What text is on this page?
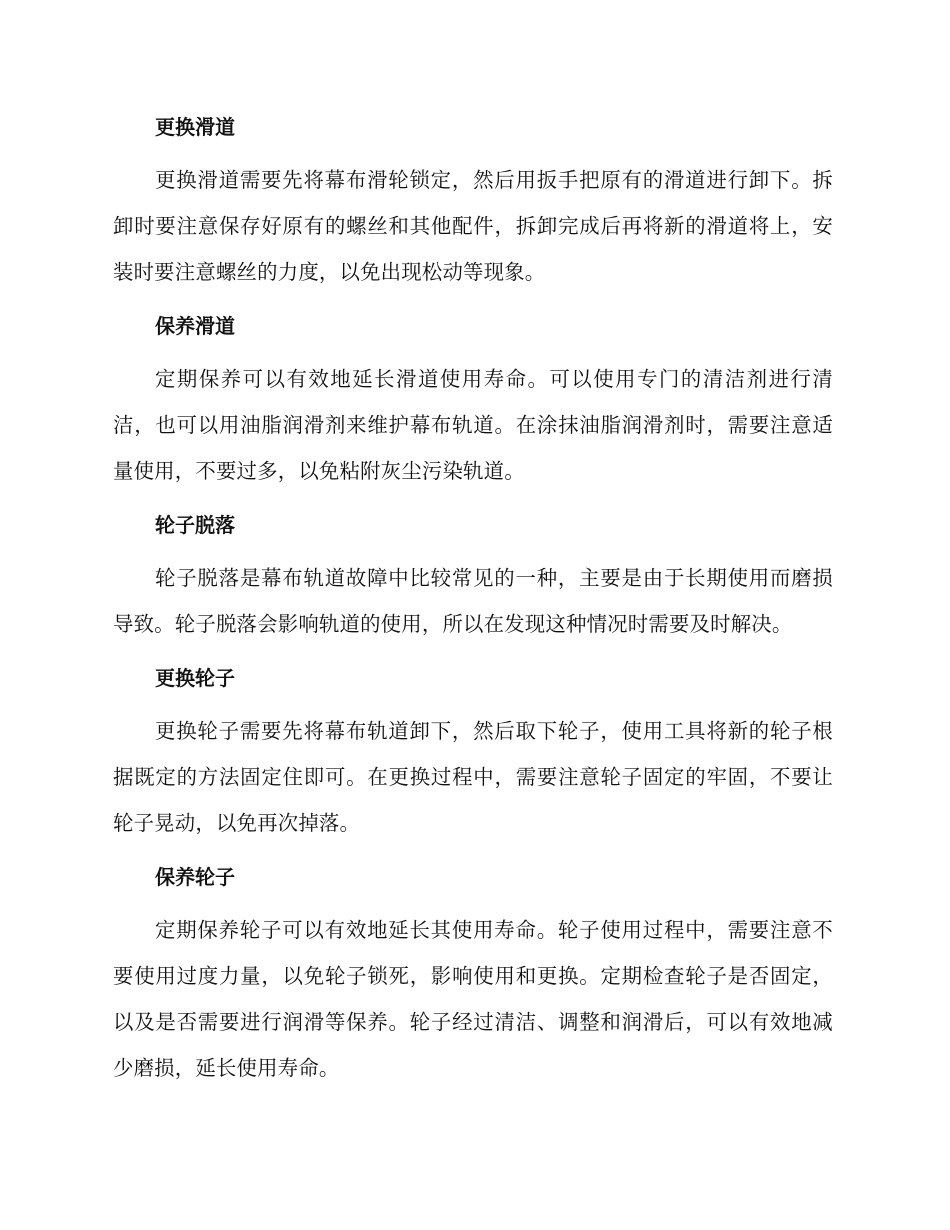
更换滑道

更换滑道需要先将幕布滑轮锁定，然后用扳手把原有的滑道进行卸下。拆卸时要注意保存好原有的螺丝和其他配件，拆卸完成后再将新的滑道将上，安装时要注意螺丝的力度，以免出现松动等现象。

保养滑道

定期保养可以有效地延长滑道使用寿命。可以使用专门的清洁剂进行清洁，也可以用油脂润滑剂来维护幕布轨道。在涂抹油脂润滑剂时，需要注意适量使用，不要过多，以免粘附灰尘污染轨道。

轮子脱落

轮子脱落是幕布轨道故障中比较常见的一种，主要是由于长期使用而磨损导致。轮子脱落会影响轨道的使用，所以在发现这种情况时需要及时解决。

更换轮子

更换轮子需要先将幕布轨道卸下，然后取下轮子，使用工具将新的轮子根据既定的方法固定住即可。在更换过程中，需要注意轮子固定的牢固，不要让轮子晃动，以免再次掉落。

保养轮子

定期保养轮子可以有效地延长其使用寿命。轮子使用过程中，需要注意不要使用过度力量，以免轮子锁死，影响使用和更换。定期检查轮子是否固定，以及是否需要进行润滑等保养。轮子经过清洁、调整和润滑后，可以有效地减少磨损，延长使用寿命。
